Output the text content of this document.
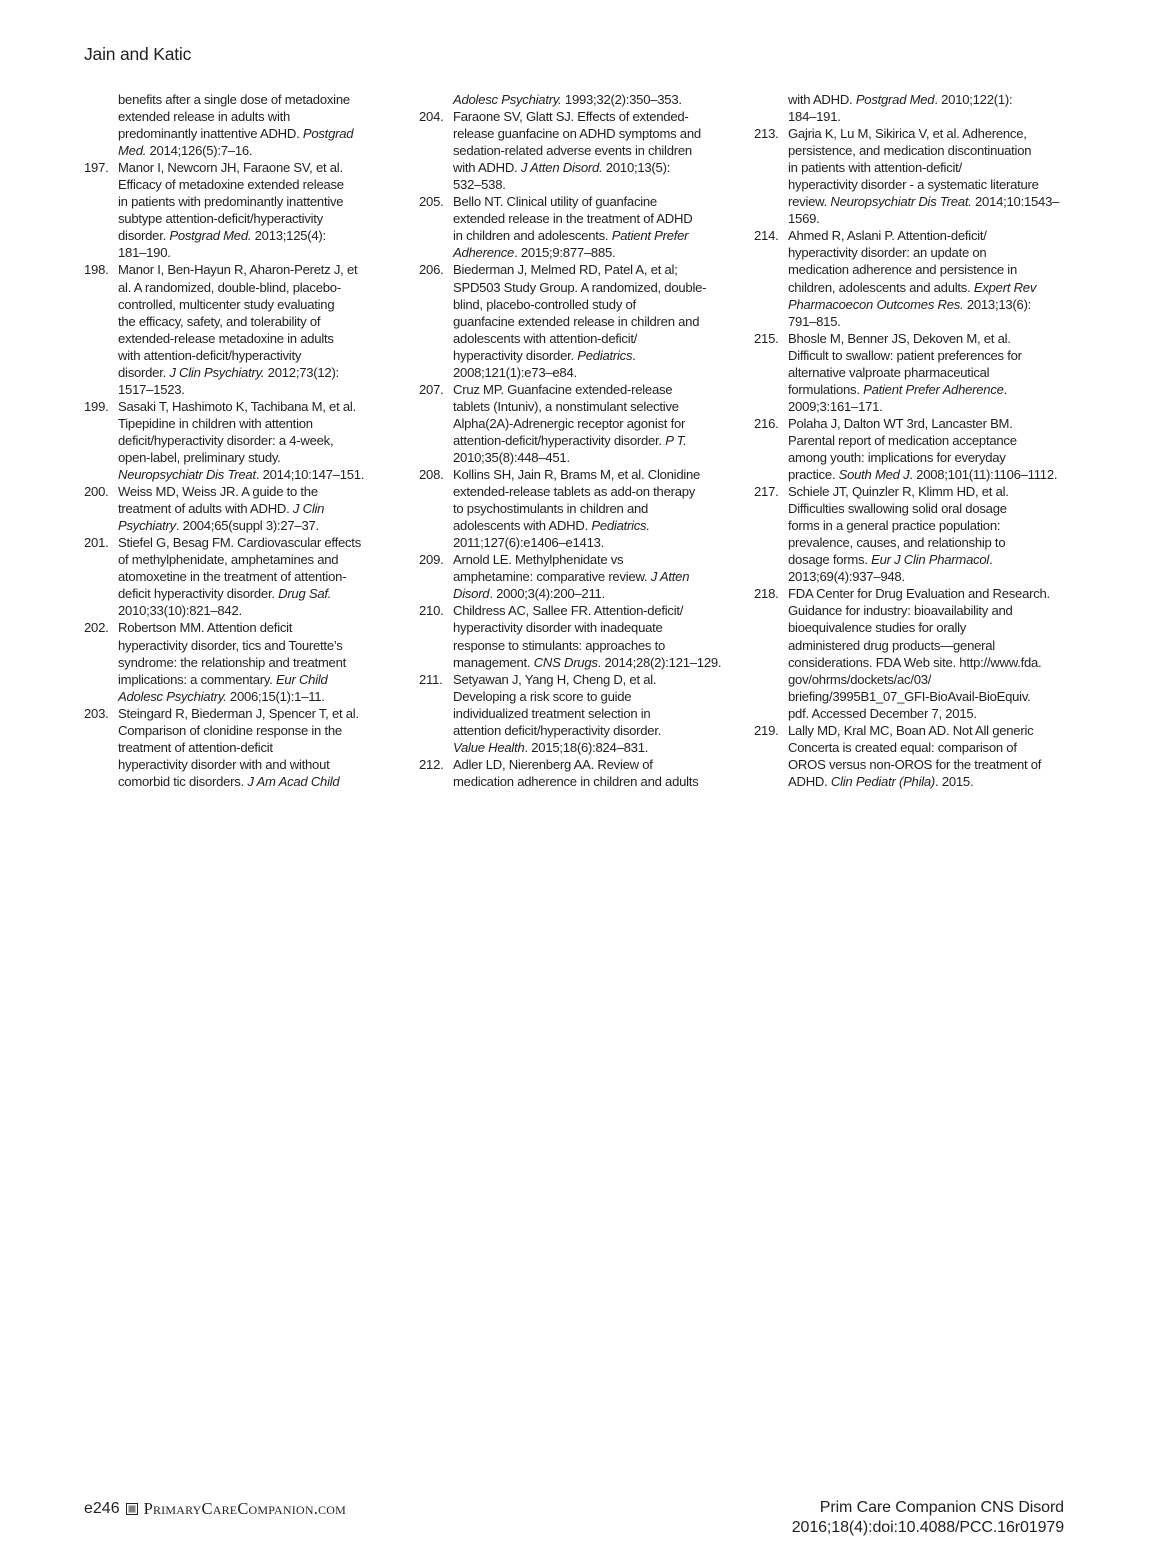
Jain and Katic
benefits after a single dose of metadoxine
extended release in adults with
predominantly inattentive ADHD. Postgrad
Med. 2014;126(5):7–16.
197. Manor I, Newcorn JH, Faraone SV, et al.
Efficacy of metadoxine extended release
in patients with predominantly inattentive
subtype attention-deficit/hyperactivity
disorder. Postgrad Med. 2013;125(4):
181–190.
198. Manor I, Ben-Hayun R, Aharon-Peretz J, et
al. A randomized, double-blind, placebo-
controlled, multicenter study evaluating
the efficacy, safety, and tolerability of
extended-release metadoxine in adults
with attention-deficit/hyperactivity
disorder. J Clin Psychiatry. 2012;73(12):
1517–1523.
199. Sasaki T, Hashimoto K, Tachibana M, et al.
Tipepidine in children with attention
deficit/hyperactivity disorder: a 4-week,
open-label, preliminary study.
Neuropsychiatr Dis Treat. 2014;10:147–151.
200. Weiss MD, Weiss JR. A guide to the
treatment of adults with ADHD. J Clin
Psychiatry. 2004;65(suppl 3):27–37.
201. Stiefel G, Besag FM. Cardiovascular effects
of methylphenidate, amphetamines and
atomoxetine in the treatment of attention-
deficit hyperactivity disorder. Drug Saf.
2010;33(10):821–842.
202. Robertson MM. Attention deficit
hyperactivity disorder, tics and Tourette’s
syndrome: the relationship and treatment
implications: a commentary. Eur Child
Adolesc Psychiatry. 2006;15(1):1–11.
203. Steingard R, Biederman J, Spencer T, et al.
Comparison of clonidine response in the
treatment of attention-deficit
hyperactivity disorder with and without
comorbid tic disorders. J Am Acad Child
Adolesc Psychiatry. 1993;32(2):350–353.
204. Faraone SV, Glatt SJ. Effects of extended-
release guanfacine on ADHD symptoms and
sedation-related adverse events in children
with ADHD. J Atten Disord. 2010;13(5):
532–538.
205. Bello NT. Clinical utility of guanfacine
extended release in the treatment of ADHD
in children and adolescents. Patient Prefer
Adherence. 2015;9:877–885.
206. Biederman J, Melmed RD, Patel A, et al;
SPD503 Study Group. A randomized, double-
blind, placebo-controlled study of
guanfacine extended release in children and
adolescents with attention-deficit/
hyperactivity disorder. Pediatrics.
2008;121(1):e73–e84.
207. Cruz MP. Guanfacine extended-release
tablets (Intuniv), a nonstimulant selective
Alpha(2A)-Adrenergic receptor agonist for
attention-deficit/hyperactivity disorder. P T.
2010;35(8):448–451.
208. Kollins SH, Jain R, Brams M, et al. Clonidine
extended-release tablets as add-on therapy
to psychostimulants in children and
adolescents with ADHD. Pediatrics.
2011;127(6):e1406–e1413.
209. Arnold LE. Methylphenidate vs
amphetamine: comparative review. J Atten
Disord. 2000;3(4):200–211.
210. Childress AC, Sallee FR. Attention-deficit/
hyperactivity disorder with inadequate
response to stimulants: approaches to
management. CNS Drugs. 2014;28(2):121–129.
211. Setyawan J, Yang H, Cheng D, et al.
Developing a risk score to guide
individualized treatment selection in
attention deficit/hyperactivity disorder.
Value Health. 2015;18(6):824–831.
212. Adler LD, Nierenberg AA. Review of
medication adherence in children and adults
with ADHD. Postgrad Med. 2010;122(1):
184–191.
213. Gajria K, Lu M, Sikirica V, et al. Adherence,
persistence, and medication discontinuation
in patients with attention-deficit/
hyperactivity disorder - a systematic literature
review. Neuropsychiatr Dis Treat. 2014;10:1543–
1569.
214. Ahmed R, Aslani P. Attention-deficit/
hyperactivity disorder: an update on
medication adherence and persistence in
children, adolescents and adults. Expert Rev
Pharmacoecon Outcomes Res. 2013;13(6):
791–815.
215. Bhosle M, Benner JS, Dekoven M, et al.
Difficult to swallow: patient preferences for
alternative valproate pharmaceutical
formulations. Patient Prefer Adherence.
2009;3:161–171.
216. Polaha J, Dalton WT 3rd, Lancaster BM.
Parental report of medication acceptance
among youth: implications for everyday
practice. South Med J. 2008;101(11):1106–1112.
217. Schiele JT, Quinzler R, Klimm HD, et al.
Difficulties swallowing solid oral dosage
forms in a general practice population:
prevalence, causes, and relationship to
dosage forms. Eur J Clin Pharmacol.
2013;69(4):937–948.
218. FDA Center for Drug Evaluation and Research.
Guidance for industry: bioavailability and
bioequivalence studies for orally
administered drug products—general
considerations. FDA Web site. http://www.fda.
gov/ohrms/dockets/ac/03/
briefing/3995B1_07_GFI-BioAvail-BioEquiv.
pdf. Accessed December 7, 2015.
219. Lally MD, Kral MC, Boan AD. Not All generic
Concerta is created equal: comparison of
OROS versus non-OROS for the treatment of
ADHD. Clin Pediatr (Phila). 2015.
e246 PrimaryCareCompanion.com	Prim Care Companion CNS Disord
2016;18(4):doi:10.4088/PCC.16r01979
